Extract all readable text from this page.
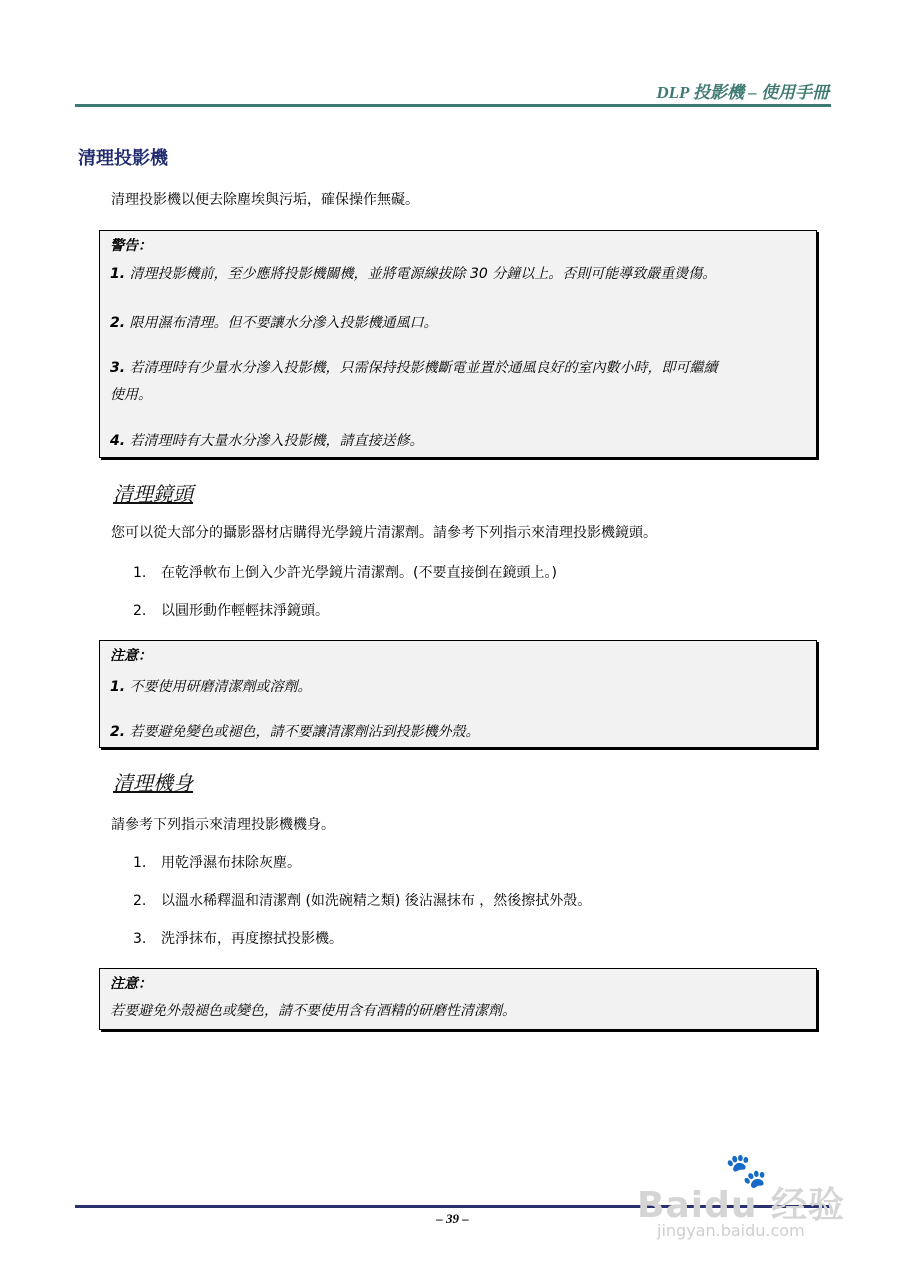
DLP 投影機 – 使用手冊
清理投影機
清理投影機以便去除塵埃與污垢，確保操作無礙。
警告：
1. 清理投影機前，至少應將投影機關機，並將電源線拔除 30 分鐘以上。否則可能導致嚴重燙傷。
2. 限用濕布清理。但不要讓水分滲入投影機通風口。
3. 若清理時有少量水分滲入投影機，只需保持投影機斷電並置於通風良好的室內數小時，即可繼續
使用。
4. 若清理時有大量水分滲入投影機，請直接送修。
清理鏡頭
您可以從大部分的攝影器材店購得光學鏡片清潔劑。請參考下列指示來清理投影機鏡頭。
1. 在乾淨軟布上倒入少許光學鏡片清潔劑。(不要直接倒在鏡頭上。)
2. 以圓形動作輕輕抹淨鏡頭。
注意：
1. 不要使用研磨清潔劑或溶劑。
2. 若要避免變色或褪色，請不要讓清潔劑沾到投影機外殼。
清理機身
請參考下列指示來清理投影機機身。
1. 用乾淨濕布抹除灰塵。
2. 以溫水稀釋溫和清潔劑 (如洗碗精之類) 後沾濕抹布 ，然後擦拭外殼。
3. 洗淨抹布，再度擦拭投影機。
注意：
若要避免外殼褪色或變色，請不要使用含有酒精的研磨性清潔劑。
– 39 –
🐾
Baidu 经验
jingyan.baidu.com
